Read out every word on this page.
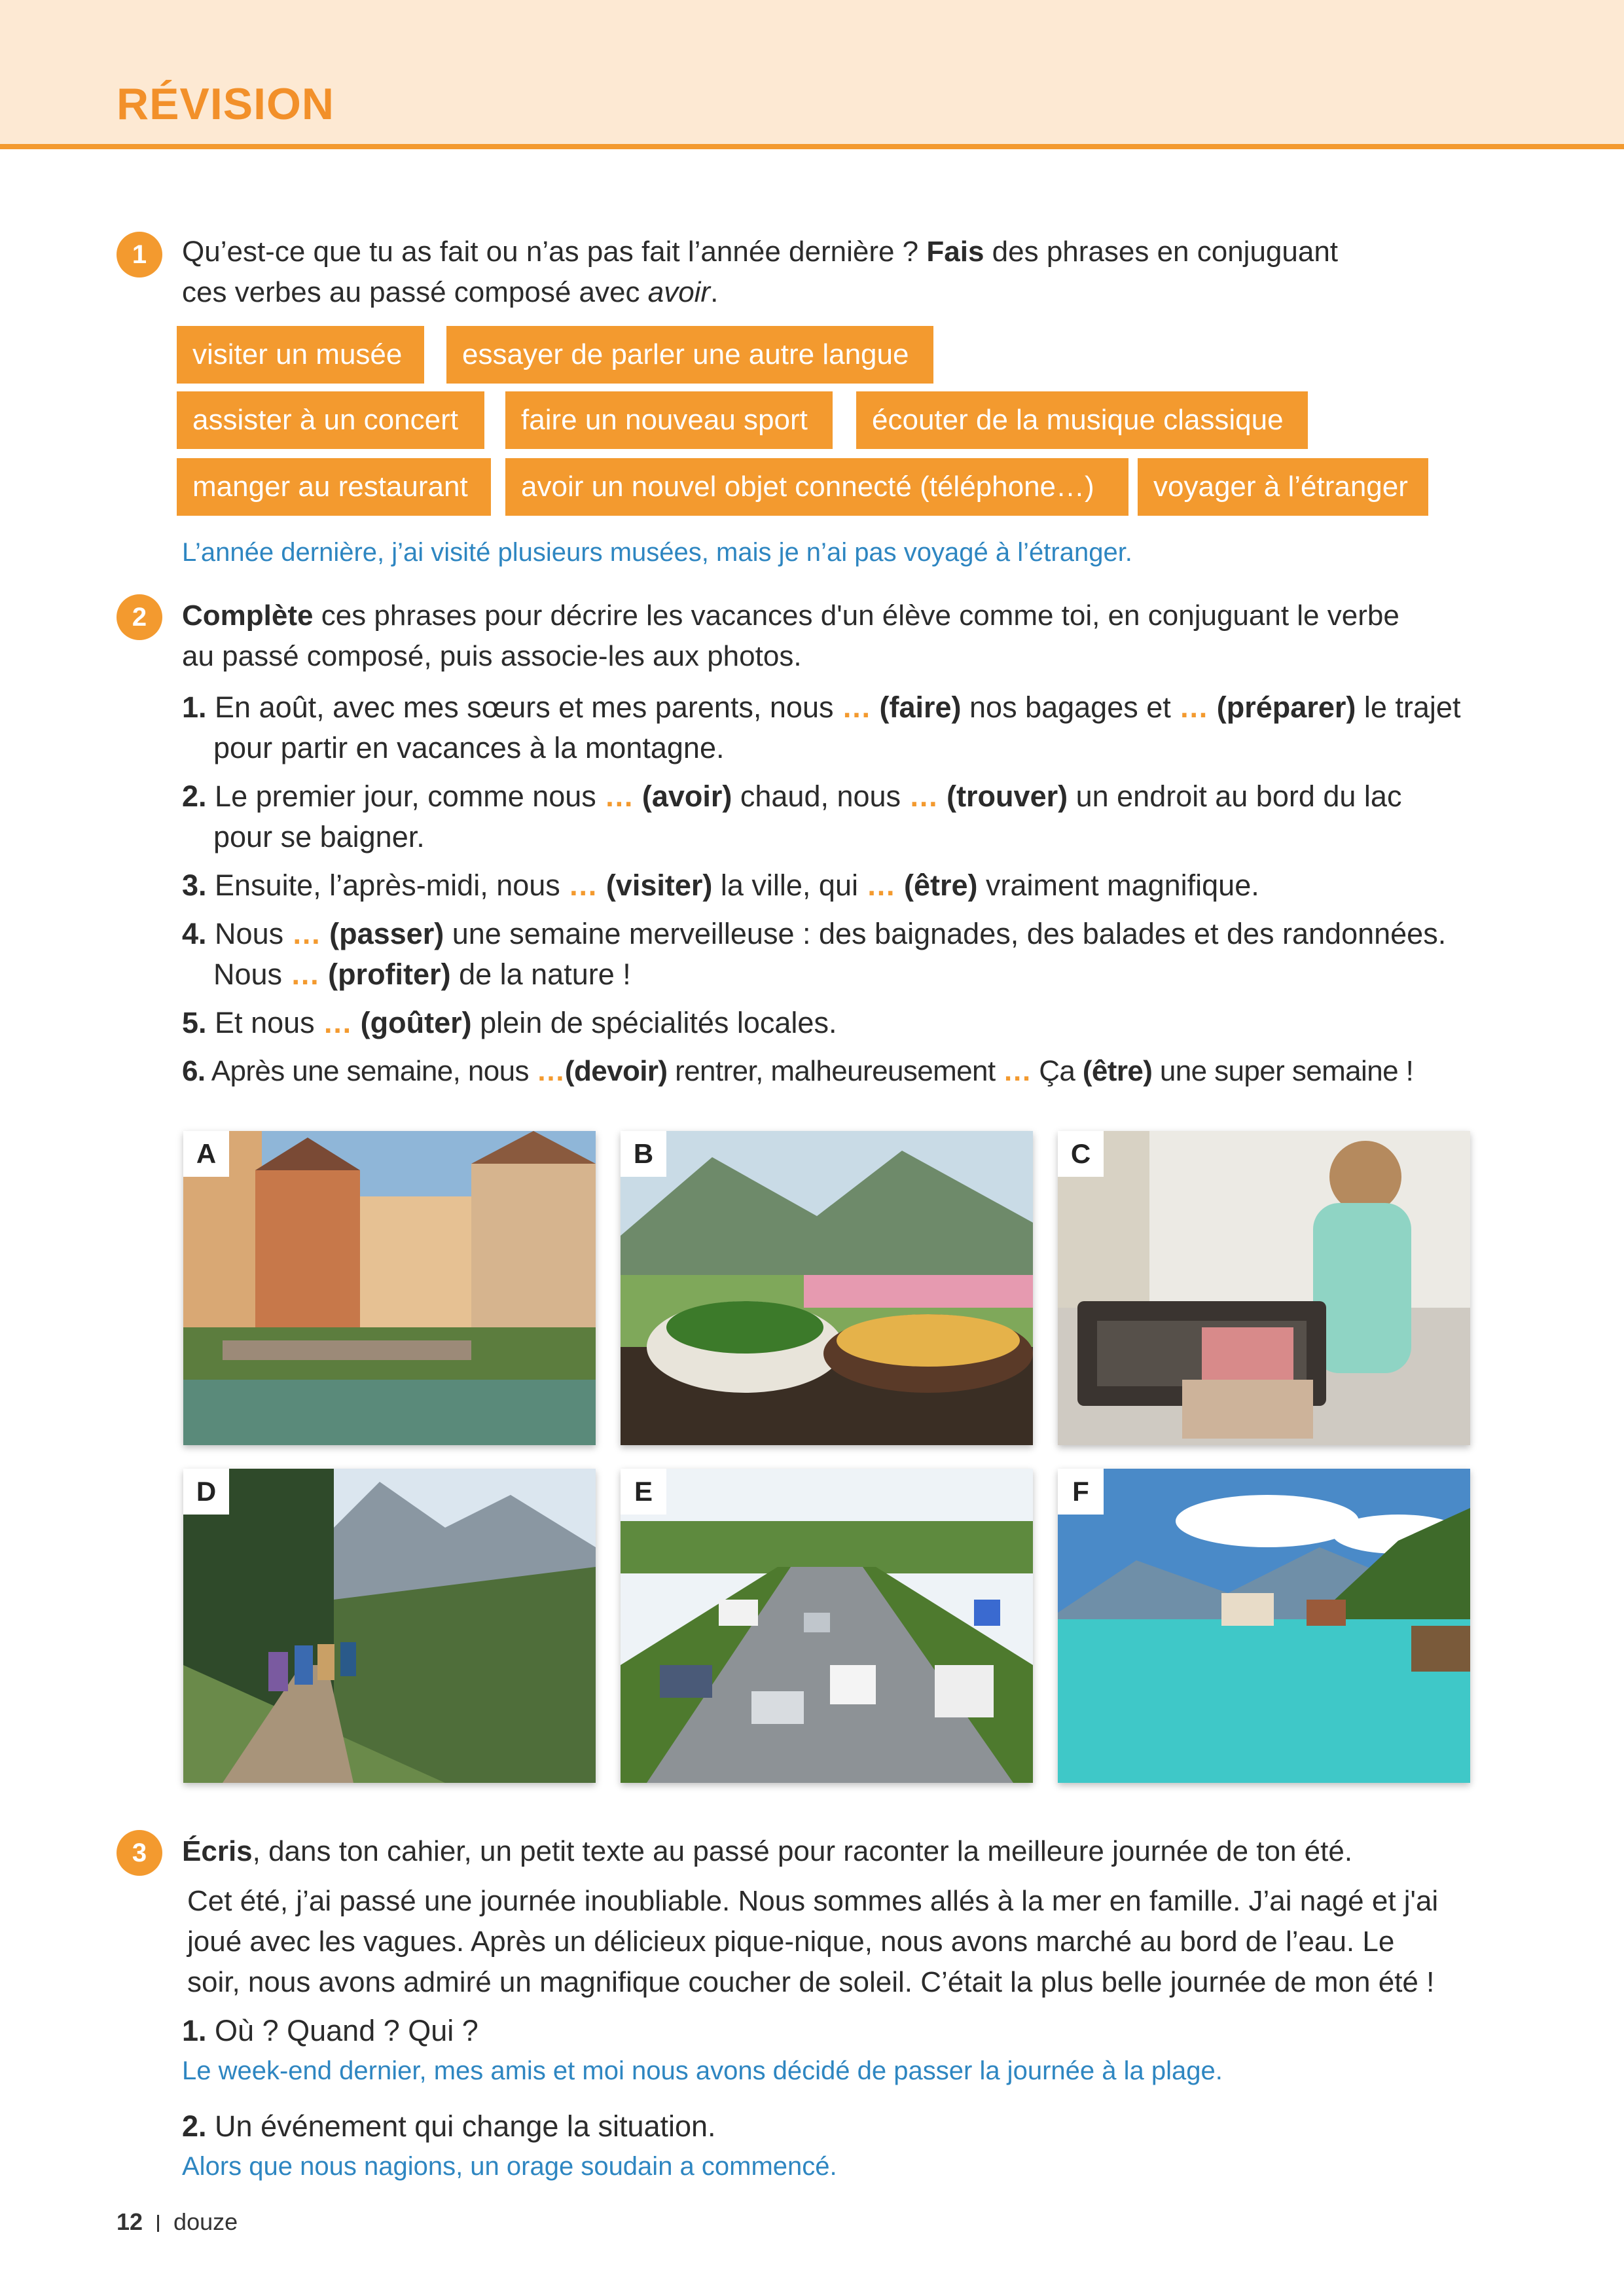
RÉVISION
1	Qu’est-ce que tu as fait ou n’as pas fait l’année dernière ? Fais des phrases en conjuguant
ces verbes au passé composé avec avoir.
visiter un musée	essayer de parler une autre langue
assister à un concert	faire un nouveau sport	écouter de la musique classique
manger au restaurant	avoir un nouvel objet connecté (téléphone…)	voyager à l’étranger
L’année dernière, j’ai visité plusieurs musées, mais je n’ai pas voyagé à l’étranger.
2	Complète ces phrases pour décrire les vacances d'un élève comme toi, en conjuguant le verbe
au passé composé, puis associe-les aux photos.
1. En août, avec mes sœurs et mes parents, nous … (faire) nos bagages et … (préparer) le trajet
pour partir en vacances à la montagne.
2. Le premier jour, comme nous … (avoir) chaud, nous … (trouver) un endroit au bord du lac
pour se baigner.
3. Ensuite, l’après-midi, nous … (visiter) la ville, qui … (être) vraiment magnifique.
4. Nous … (passer) une semaine merveilleuse : des baignades, des balades et des randonnées.
Nous … (profiter) de la nature !
5. Et nous … (goûter) plein de spécialités locales.
6. Après une semaine, nous …(devoir) rentrer, malheureusement … Ça (être) une super semaine !
A	B	C
D	E	F
3	Écris, dans ton cahier, un petit texte au passé pour raconter la meilleure journée de ton été.
Cet été, j’ai passé une journée inoubliable. Nous sommes allés à la mer en famille. J’ai nagé et j'ai
joué avec les vagues. Après un délicieux pique-nique, nous avons marché au bord de l’eau. Le
soir, nous avons admiré un magnifique coucher de soleil. C’était la plus belle journée de mon été !
1. Où ? Quand ? Qui ?
Le week-end dernier, mes amis et moi nous avons décidé de passer la journée à la plage.
2. Un événement qui change la situation.
Alors que nous nagions, un orage soudain a commencé.
12 douze
